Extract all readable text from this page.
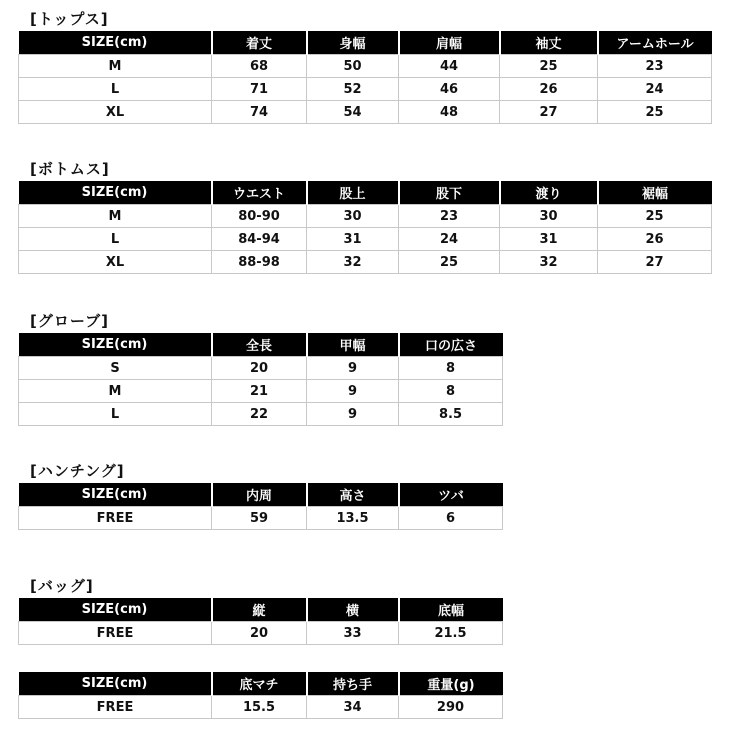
[トップス]
SIZE(cm)	着丈	身幅	肩幅	袖丈	アームホール
M	68	50	44	25	23
L	71	52	46	26	24
XL	74	54	48	27	25
[ボトムス]
SIZE(cm)	ウエスト	股上	股下	渡り	裾幅
M	80-90	30	23	30	25
L	84-94	31	24	31	26
XL	88-98	32	25	32	27
[グローブ]
SIZE(cm)	全長	甲幅	口の広さ
S	20	9	8
M	21	9	8
L	22	9	8.5
[ハンチング]
SIZE(cm)	内周	高さ	ツバ
FREE	59	13.5	6
[バッグ]
SIZE(cm)	縦	横	底幅
FREE	20	33	21.5
SIZE(cm)	底マチ	持ち手	重量(g)
FREE	15.5	34	290
